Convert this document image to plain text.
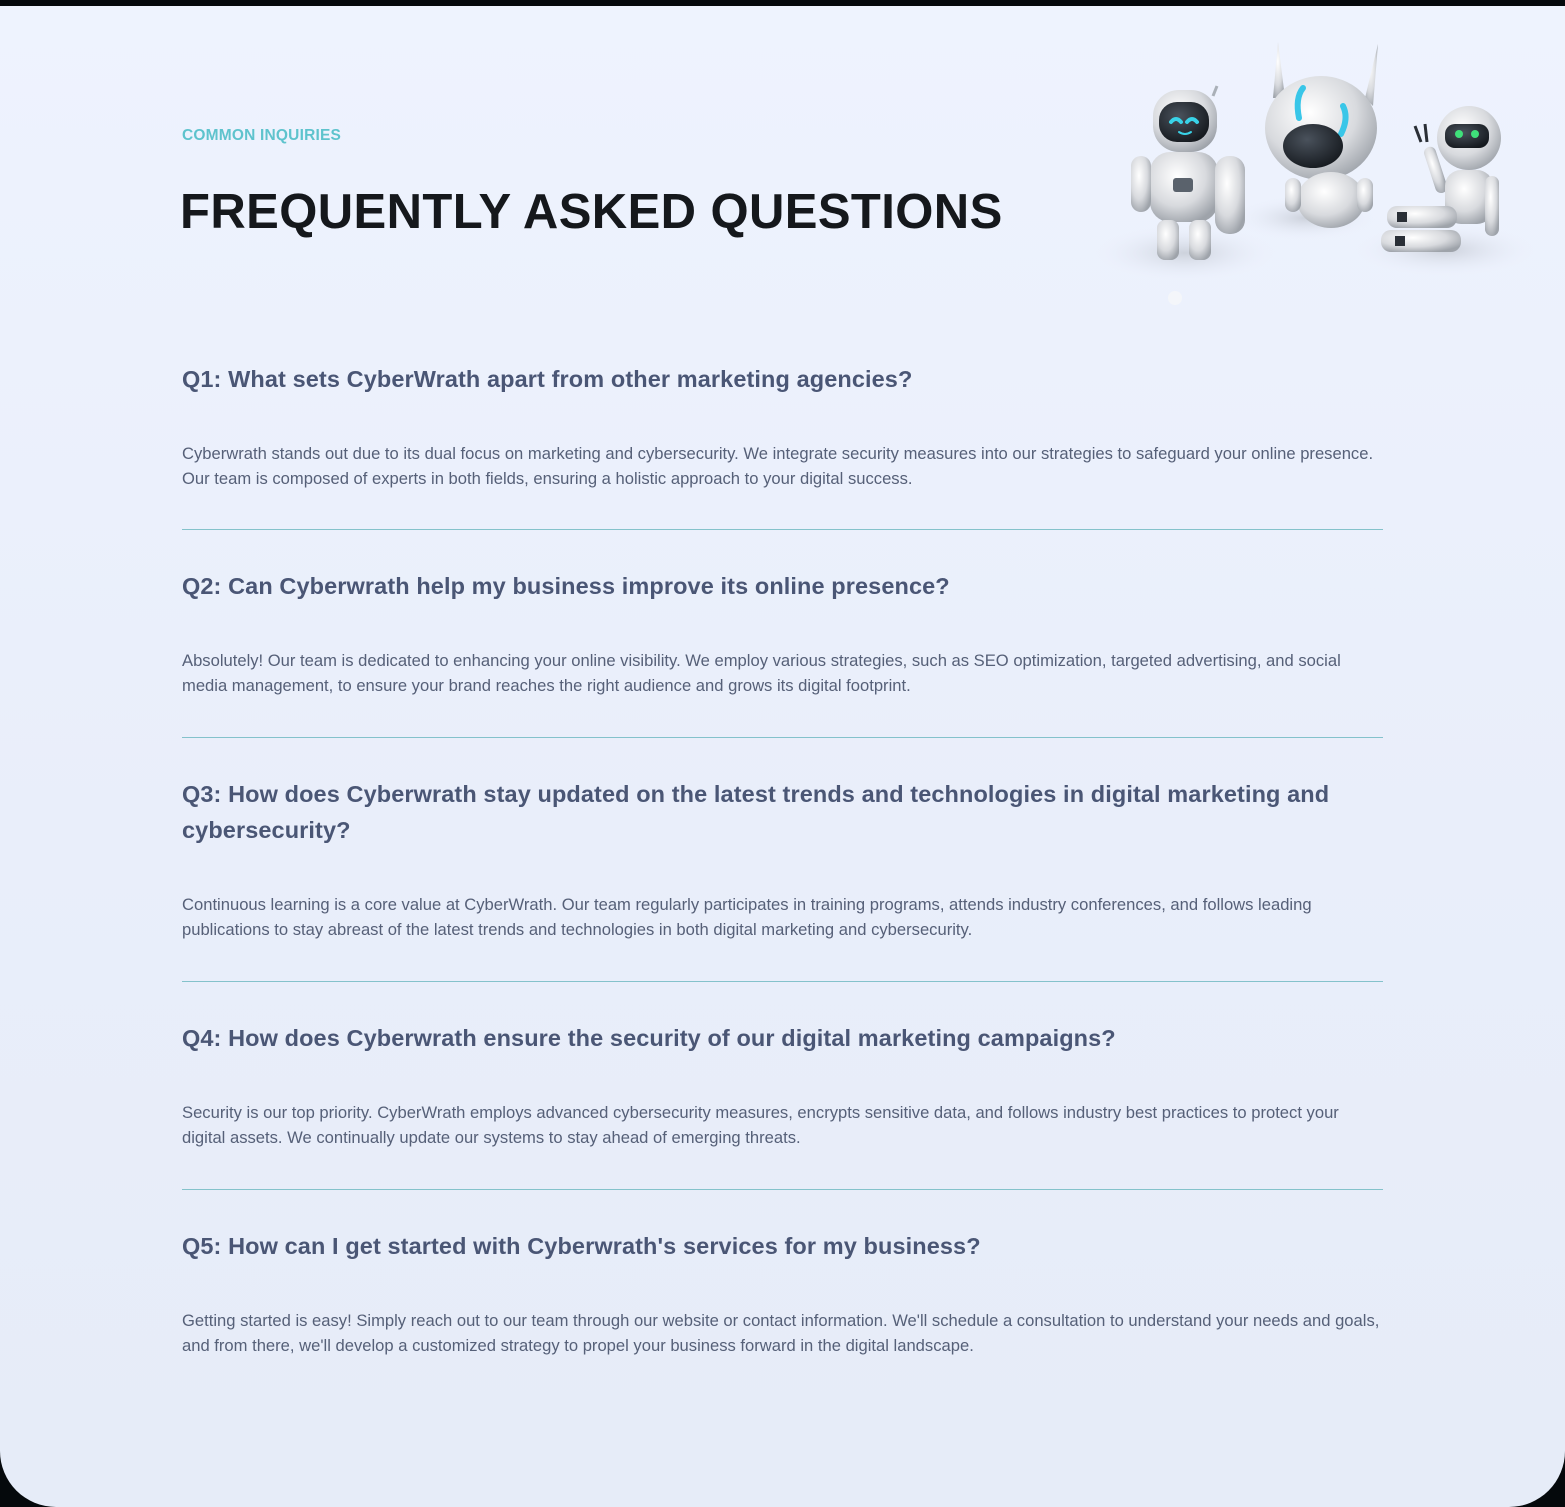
COMMON INQUIRIES
FREQUENTLY ASKED QUESTIONS
Q1: What sets CyberWrath apart from other marketing agencies?

Cyberwrath stands out due to its dual focus on marketing and cybersecurity. We integrate security measures into our strategies to safeguard your online presence. Our team is composed of experts in both fields, ensuring a holistic approach to your digital success.

Q2: Can Cyberwrath help my business improve its online presence?

Absolutely! Our team is dedicated to enhancing your online visibility. We employ various strategies, such as SEO optimization, targeted advertising, and social media management, to ensure your brand reaches the right audience and grows its digital footprint.

Q3: How does Cyberwrath stay updated on the latest trends and technologies in digital marketing and cybersecurity?

Continuous learning is a core value at CyberWrath. Our team regularly participates in training programs, attends industry conferences, and follows leading publications to stay abreast of the latest trends and technologies in both digital marketing and cybersecurity.

Q4: How does Cyberwrath ensure the security of our digital marketing campaigns?

Security is our top priority. CyberWrath employs advanced cybersecurity measures, encrypts sensitive data, and follows industry best practices to protect your digital assets. We continually update our systems to stay ahead of emerging threats.

Q5: How can I get started with Cyberwrath's services for my business?

Getting started is easy! Simply reach out to our team through our website or contact information. We'll schedule a consultation to understand your needs and goals, and from there, we'll develop a customized strategy to propel your business forward in the digital landscape.
